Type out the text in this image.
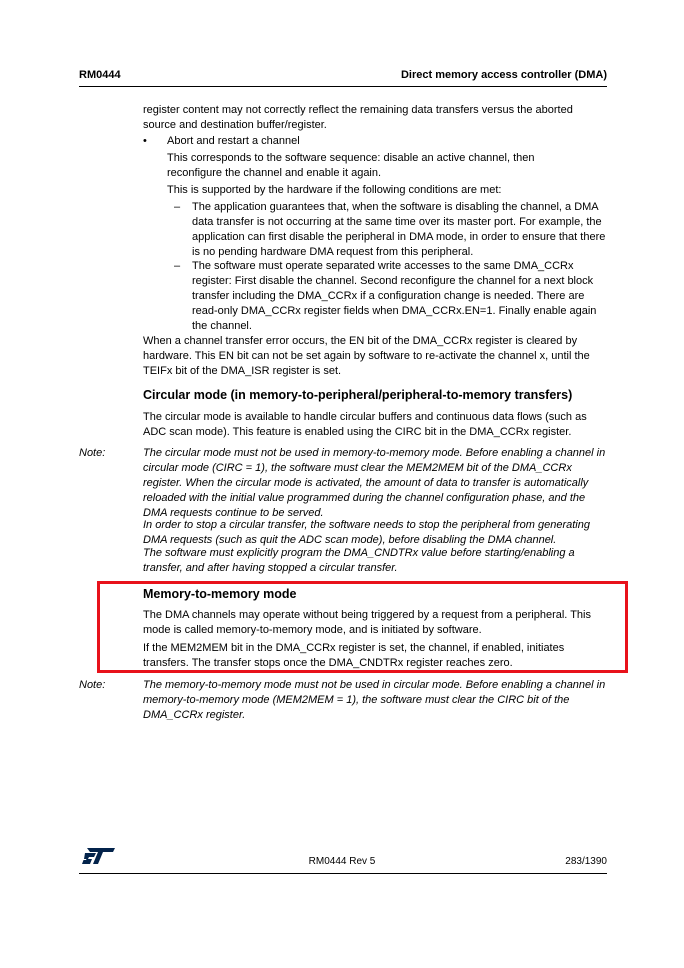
RM0444	Direct memory access controller (DMA)
register content may not correctly reflect the remaining data transfers versus the aborted source and destination buffer/register.
• Abort and restart a channel
This corresponds to the software sequence: disable an active channel, then reconfigure the channel and enable it again.
This is supported by the hardware if the following conditions are met:
– The application guarantees that, when the software is disabling the channel, a DMA data transfer is not occurring at the same time over its master port. For example, the application can first disable the peripheral in DMA mode, in order to ensure that there is no pending hardware DMA request from this peripheral.
– The software must operate separated write accesses to the same DMA_CCRx register: First disable the channel. Second reconfigure the channel for a next block transfer including the DMA_CCRx if a configuration change is needed. There are read-only DMA_CCRx register fields when DMA_CCRx.EN=1. Finally enable again the channel.
When a channel transfer error occurs, the EN bit of the DMA_CCRx register is cleared by hardware. This EN bit can not be set again by software to re-activate the channel x, until the TEIFx bit of the DMA_ISR register is set.
Circular mode (in memory-to-peripheral/peripheral-to-memory transfers)
The circular mode is available to handle circular buffers and continuous data flows (such as ADC scan mode). This feature is enabled using the CIRC bit in the DMA_CCRx register.
Note:	The circular mode must not be used in memory-to-memory mode. Before enabling a channel in circular mode (CIRC = 1), the software must clear the MEM2MEM bit of the DMA_CCRx register. When the circular mode is activated, the amount of data to transfer is automatically reloaded with the initial value programmed during the channel configuration phase, and the DMA requests continue to be served.
In order to stop a circular transfer, the software needs to stop the peripheral from generating DMA requests (such as quit the ADC scan mode), before disabling the DMA channel.
The software must explicitly program the DMA_CNDTRx value before starting/enabling a transfer, and after having stopped a circular transfer.
Memory-to-memory mode
The DMA channels may operate without being triggered by a request from a peripheral. This mode is called memory-to-memory mode, and is initiated by software.
If the MEM2MEM bit in the DMA_CCRx register is set, the channel, if enabled, initiates transfers. The transfer stops once the DMA_CNDTRx register reaches zero.
Note:	The memory-to-memory mode must not be used in circular mode. Before enabling a channel in memory-to-memory mode (MEM2MEM = 1), the software must clear the CIRC bit of the DMA_CCRx register.
RM0444 Rev 5	283/1390
